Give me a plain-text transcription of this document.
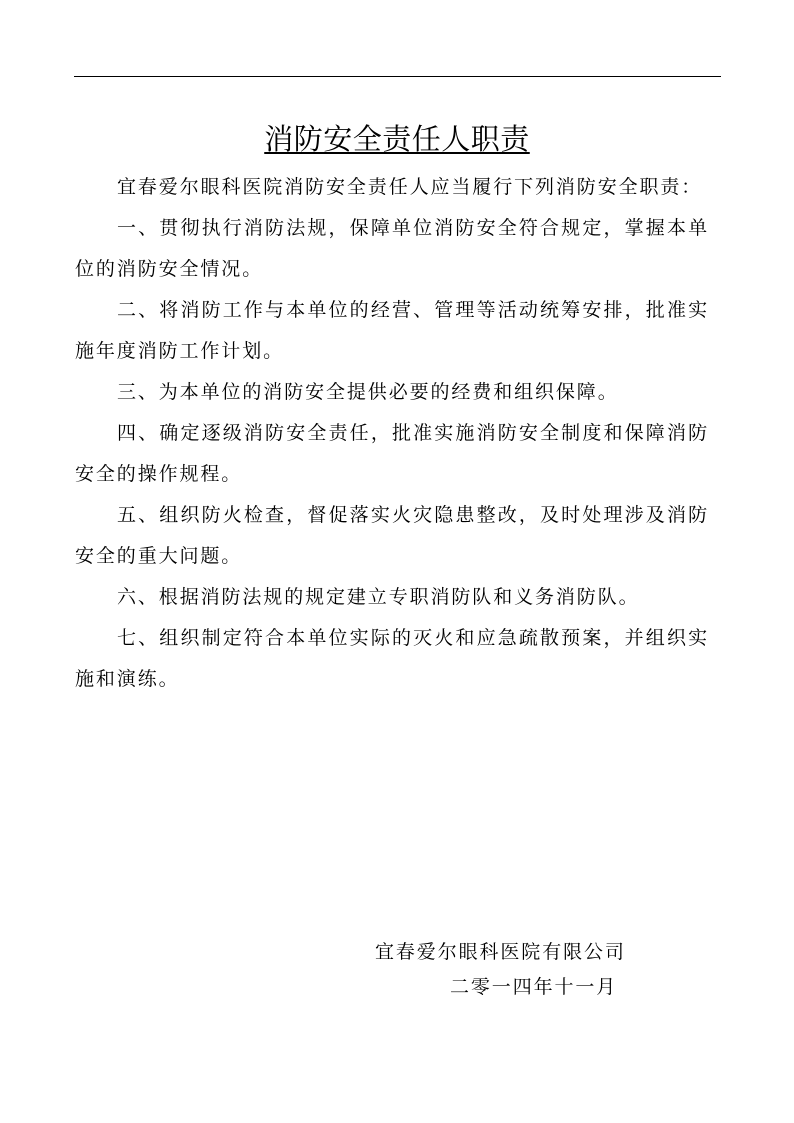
消防安全责任人职责

宜春爱尔眼科医院消防安全责任人应当履行下列消防安全职责：

一、贯彻执行消防法规，保障单位消防安全符合规定，掌握本单位的消防安全情况。

二、将消防工作与本单位的经营、管理等活动统筹安排，批准实施年度消防工作计划。

三、为本单位的消防安全提供必要的经费和组织保障。

四、确定逐级消防安全责任，批准实施消防安全制度和保障消防安全的操作规程。

五、组织防火检查，督促落实火灾隐患整改，及时处理涉及消防安全的重大问题。

六、根据消防法规的规定建立专职消防队和义务消防队。

七、组织制定符合本单位实际的灭火和应急疏散预案，并组织实施和演练。

宜春爱尔眼科医院有限公司
二零一四年十一月
